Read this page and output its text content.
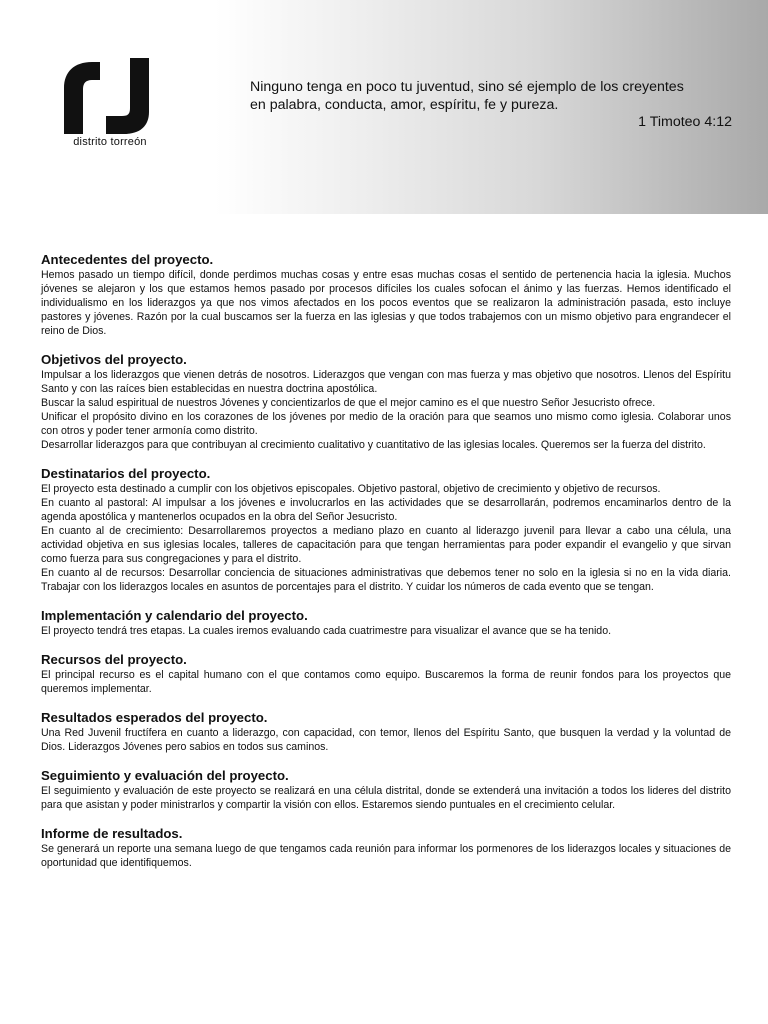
distrito torreón
Ninguno tenga en poco tu juventud, sino sé ejemplo de los creyentes
en palabra, conducta, amor, espíritu, fe y pureza.
1 Timoteo 4:12
Antecedentes del proyecto.

Hemos pasado un tiempo difícil, donde perdimos muchas cosas y entre esas muchas cosas el sentido de pertenencia hacia la iglesia. Muchos jóvenes se alejaron y los que estamos hemos pasado por procesos difíciles los cuales sofocan el ánimo y las fuerzas. Hemos identificado el individualismo en los liderazgos ya que nos vimos afectados en los pocos eventos que se realizaron la administración pasada, esto incluye pastores y jóvenes. Razón por la cual buscamos ser la fuerza en las iglesias y que todos trabajemos con un mismo objetivo para engrandecer el reino de Dios.

Objetivos del proyecto.

Impulsar a los liderazgos que vienen detrás de nosotros. Liderazgos que vengan con mas fuerza y mas objetivo que nosotros. Llenos del Espíritu Santo y con las raíces bien establecidas en nuestra doctrina apostólica.

Buscar la salud espiritual de nuestros Jóvenes y concientizarlos de que el mejor camino es el que nuestro Señor Jesucristo ofrece.

Unificar el propósito divino en los corazones de los jóvenes por medio de la oración para que seamos uno mismo como iglesia. Colaborar unos con otros y poder tener armonía como distrito.

Desarrollar liderazgos para que contribuyan al crecimiento cualitativo y cuantitativo de las iglesias locales. Queremos ser la fuerza del distrito.

Destinatarios del proyecto.

El proyecto esta destinado a cumplir con los objetivos episcopales. Objetivo pastoral, objetivo de crecimiento y objetivo de recursos.

En cuanto al pastoral: Al impulsar a los jóvenes e involucrarlos en las actividades que se desarrollarán, podremos encaminarlos dentro de la agenda apostólica y mantenerlos ocupados en la obra del Señor Jesucristo.

En cuanto al de crecimiento: Desarrollaremos proyectos a mediano plazo en cuanto al liderazgo juvenil para llevar a cabo una célula, una actividad objetiva en sus iglesias locales, talleres de capacitación para que tengan herramientas para poder expandir el evangelio y que sirvan como fuerza para sus congregaciones y para el distrito.

En cuanto al de recursos: Desarrollar conciencia de situaciones administrativas que debemos tener no solo en la iglesia si no en la vida diaria. Trabajar con los liderazgos locales en asuntos de porcentajes para el distrito. Y cuidar los números de cada evento que se tengan.

Implementación y calendario del proyecto.

El proyecto tendrá tres etapas. La cuales iremos evaluando cada cuatrimestre para visualizar el avance que se ha tenido.

Recursos del proyecto.

El principal recurso es el capital humano con el que contamos como equipo. Buscaremos la forma de reunir fondos para los proyectos que queremos implementar.

Resultados esperados del proyecto.

Una Red Juvenil fructífera en cuanto a liderazgo, con capacidad, con temor, llenos del Espíritu Santo, que busquen la verdad y la voluntad de Dios. Liderazgos Jóvenes pero sabios en todos sus caminos.

Seguimiento y evaluación del proyecto.

El seguimiento y evaluación de este proyecto se realizará en una célula distrital, donde se extenderá una invitación a todos los lideres del distrito para que asistan y poder ministrarlos y compartir la visión con ellos. Estaremos siendo puntuales en el crecimiento celular.

Informe de resultados.

Se generará un reporte una semana luego de que tengamos cada reunión para informar los pormenores de los liderazgos locales y situaciones de oportunidad que identifiquemos.
